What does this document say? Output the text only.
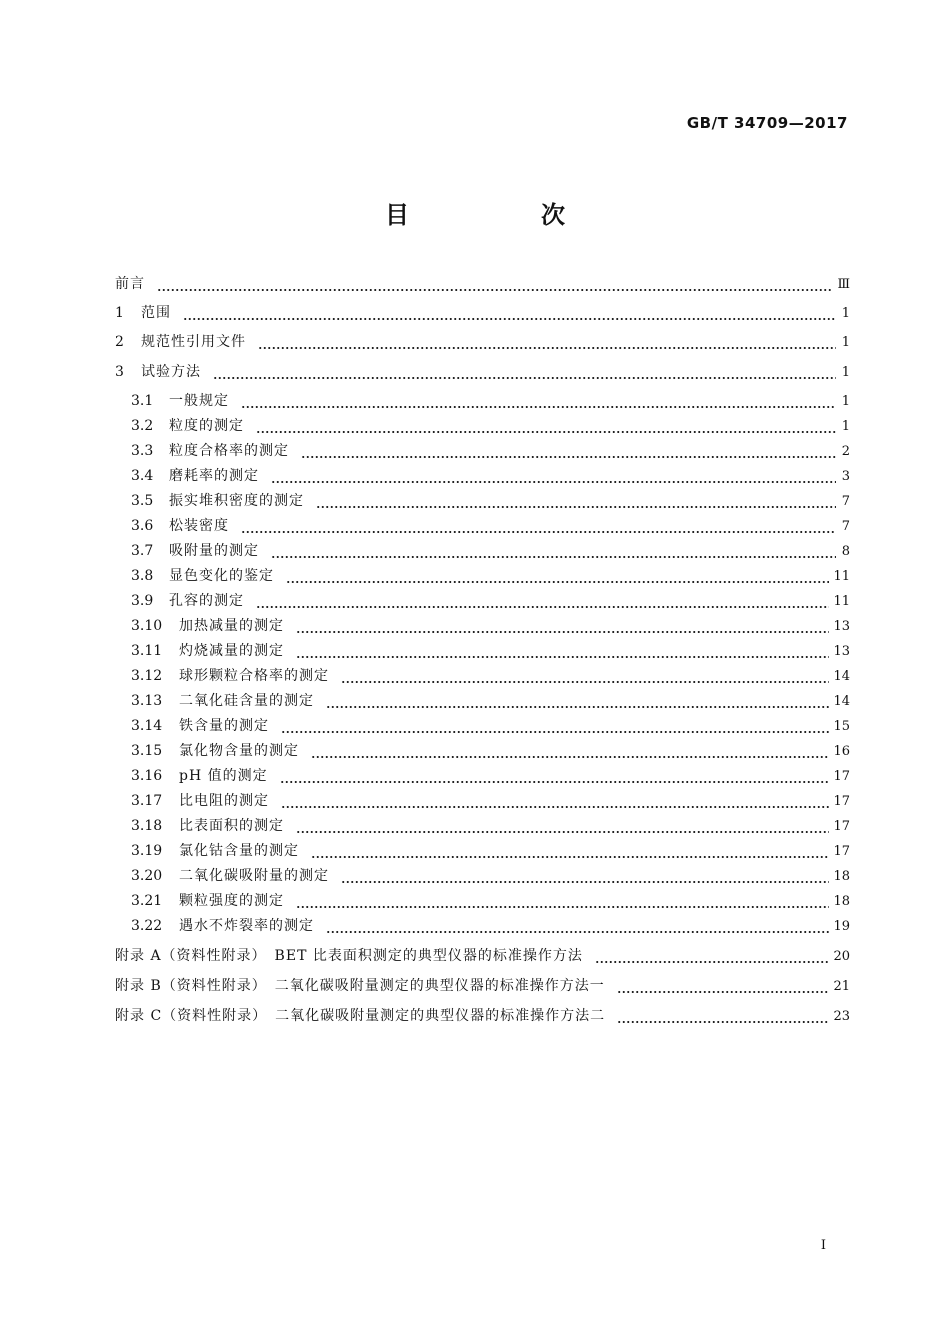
GB/T 34709—2017
目　次
前言	Ⅲ
1	范围	1
2	规范性引用文件	1
3	试验方法	1
3.1	一般规定	1
3.2	粒度的测定	1
3.3	粒度合格率的测定	2
3.4	磨耗率的测定	3
3.5	振实堆积密度的测定	7
3.6	松装密度	7
3.7	吸附量的测定	8
3.8	显色变化的鉴定	11
3.9	孔容的测定	11
3.10	加热减量的测定	13
3.11	灼烧减量的测定	13
3.12	球形颗粒合格率的测定	14
3.13	二氧化硅含量的测定	14
3.14	铁含量的测定	15
3.15	氯化物含量的测定	16
3.16	pH 值的测定	17
3.17	比电阻的测定	17
3.18	比表面积的测定	17
3.19	氯化钴含量的测定	17
3.20	二氧化碳吸附量的测定	18
3.21	颗粒强度的测定	18
3.22	遇水不炸裂率的测定	19
附录 A（资料性附录）　BET 比表面积测定的典型仪器的标准操作方法	20
附录 B（资料性附录）　二氧化碳吸附量测定的典型仪器的标准操作方法一	21
附录 C（资料性附录）　二氧化碳吸附量测定的典型仪器的标准操作方法二	23
I
